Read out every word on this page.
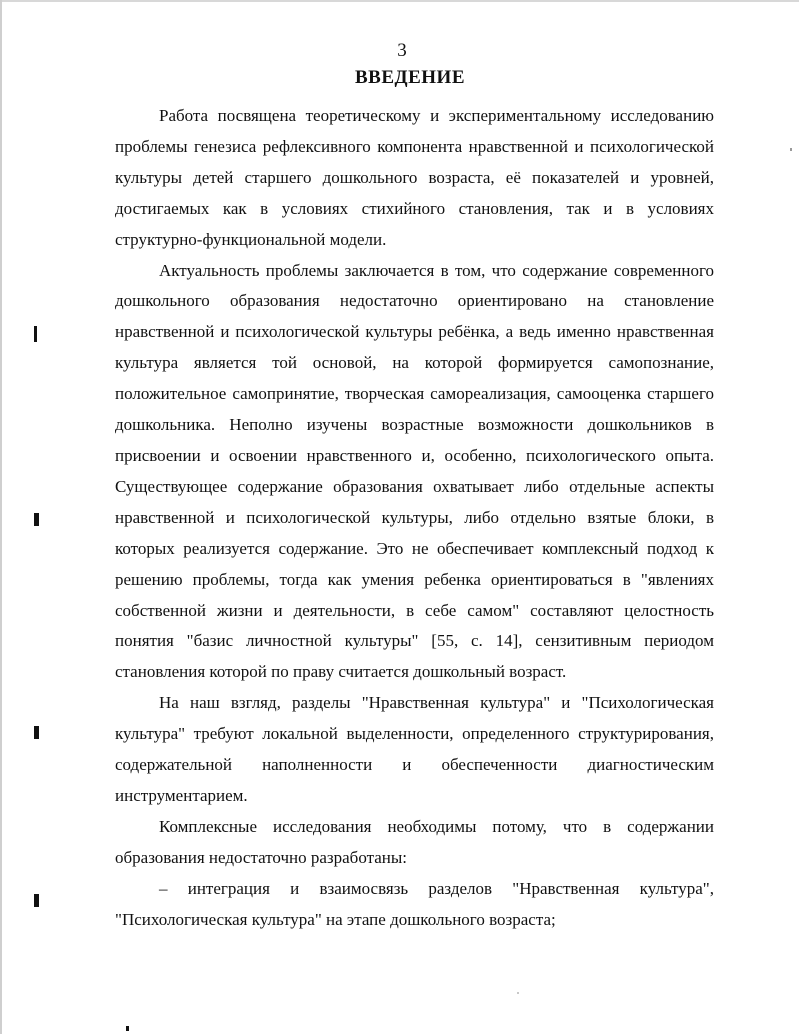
3
ВВЕДЕНИЕ

Работа посвящена теоретическому и экспериментальному исследованию проблемы генезиса рефлексивного компонента нравственной и психологической культуры детей старшего дошкольного возраста, её показателей и уровней, достигаемых как в условиях стихийного становления, так и в условиях структурно-функциональной модели.

Актуальность проблемы заключается в том, что содержание современного дошкольного образования недостаточно ориентировано на становление нравственной и психологической культуры ребёнка, а ведь именно нравственная культура является той основой, на которой формируется самопознание, положительное самопринятие, творческая самореализация, самооценка старшего дошкольника. Неполно изучены возрастные возможности дошкольников в присвоении и освоении нравственного и, особенно, психологического опыта. Существующее содержание образования охватывает либо отдельные аспекты нравственной и психологической культуры, либо отдельно взятые блоки, в которых реализуется содержание. Это не обеспечивает комплексный подход к решению проблемы, тогда как умения ребенка ориентироваться в "явлениях собственной жизни и деятельности, в себе самом" составляют целостность понятия "базис личностной культуры" [55, с. 14], сензитивным периодом становления которой по праву считается дошкольный возраст.

На наш взгляд, разделы "Нравственная культура" и "Психологическая культура" требуют локальной выделенности, определенного структурирования, содержательной наполненности и обеспеченности диагностическим инструментарием.

Комплексные исследования необходимы потому, что в содержании образования недостаточно разработаны:

– интеграция и взаимосвязь разделов "Нравственная культура", "Психологическая культура" на этапе дошкольного возраста;
